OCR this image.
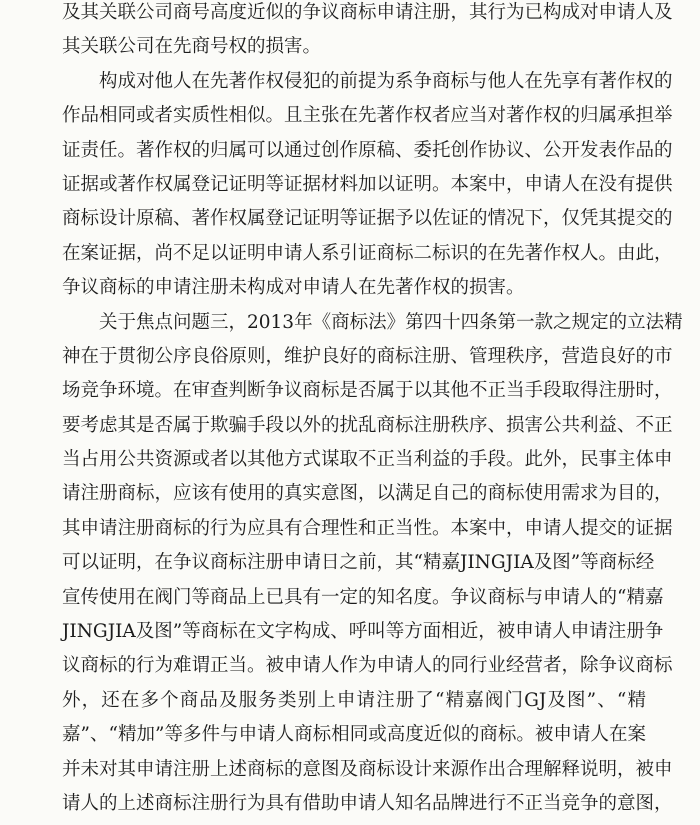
及其关联公司商号高度近似的争议商标申请注册，其行为已构成对申请人及
其关联公司在先商号权的损害。
构成对他人在先著作权侵犯的前提为系争商标与他人在先享有著作权的
作品相同或者实质性相似。且主张在先著作权者应当对著作权的归属承担举
证责任。著作权的归属可以通过创作原稿、委托创作协议、公开发表作品的
证据或著作权属登记证明等证据材料加以证明。本案中，申请人在没有提供
商标设计原稿、著作权属登记证明等证据予以佐证的情况下，仅凭其提交的
在案证据，尚不足以证明申请人系引证商标二标识的在先著作权人。由此，
争议商标的申请注册未构成对申请人在先著作权的损害。
关于焦点问题三，2013年《商标法》第四十四条第一款之规定的立法精
神在于贯彻公序良俗原则，维护良好的商标注册、管理秩序，营造良好的市
场竞争环境。在审查判断争议商标是否属于以其他不正当手段取得注册时，
要考虑其是否属于欺骗手段以外的扰乱商标注册秩序、损害公共利益、不正
当占用公共资源或者以其他方式谋取不正当利益的手段。此外，民事主体申
请注册商标，应该有使用的真实意图，以满足自己的商标使用需求为目的，
其申请注册商标的行为应具有合理性和正当性。本案中，申请人提交的证据
可以证明，在争议商标注册申请日之前，其“精嘉JINGJIA及图”等商标经
宣传使用在阀门等商品上已具有一定的知名度。争议商标与申请人的“精嘉
JINGJIA及图”等商标在文字构成、呼叫等方面相近，被申请人申请注册争
议商标的行为难谓正当。被申请人作为申请人的同行业经营者，除争议商标
外，还在多个商品及服务类别上申请注册了“精嘉阀门GJ及图”、“精
嘉”、“精加”等多件与申请人商标相同或高度近似的商标。被申请人在案
并未对其申请注册上述商标的意图及商标设计来源作出合理解释说明，被申
请人的上述商标注册行为具有借助申请人知名品牌进行不正当竞争的意图，
